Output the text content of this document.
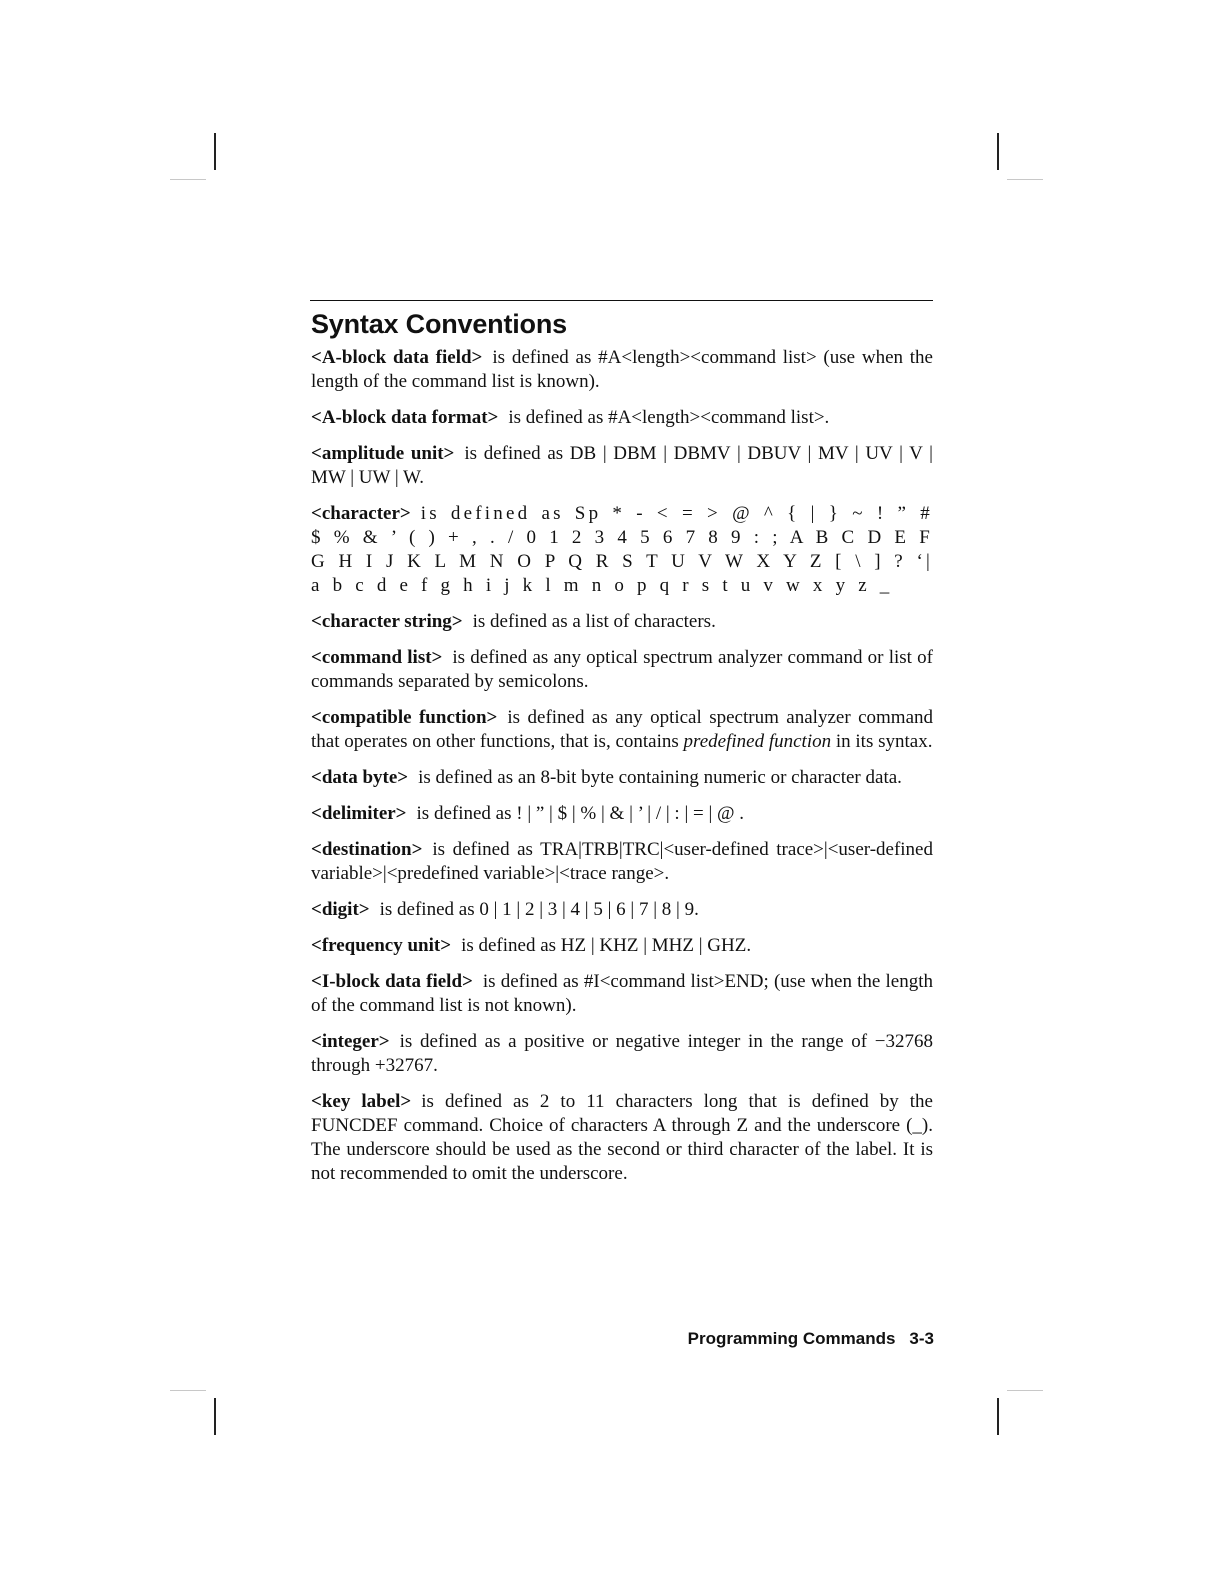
Syntax Conventions

<A-block data field> is defined as #A<length><command list> (use when the length of the command list is known).

<A-block data format> is defined as #A<length><command list>.

<amplitude unit> is defined as DB | DBM | DBMV | DBUV | MV | UV | V | MW | UW | W.

<character> is defined as Sp * - < = > @ ^ { | } ~ ! ” # $ % & ’ ( ) + , . / 0 1 2 3 4 5 6 7 8 9 : ; A B C D E F G H I J K L M N O P Q R S T U V W X Y Z [ \ ] ? ‘| a b c d e f g h i j k l m n o p q r s t u v w x y z _

<character string> is defined as a list of characters.

<command list> is defined as any optical spectrum analyzer command or list of commands separated by semicolons.

<compatible function> is defined as any optical spectrum analyzer command that operates on other functions, that is, contains predefined function in its syntax.

<data byte> is defined as an 8-bit byte containing numeric or character data.

<delimiter> is defined as ! | ” | $ | % | & | ’ | / | : | = | @ .

<destination> is defined as TRA|TRB|TRC|<user-defined trace>|<user-defined variable>|<predefined variable>|<trace range>.

<digit> is defined as 0 | 1 | 2 | 3 | 4 | 5 | 6 | 7 | 8 | 9.

<frequency unit> is defined as HZ | KHZ | MHZ | GHZ.

<I-block data field> is defined as #I<command list>END; (use when the length of the command list is not known).

<integer> is defined as a positive or negative integer in the range of −32768 through +32767.

<key label> is defined as 2 to 11 characters long that is defined by the FUNCDEF command. Choice of characters A through Z and the underscore (_). The underscore should be used as the second or third character of the label. It is not recommended to omit the underscore.

Programming Commands 3-3
